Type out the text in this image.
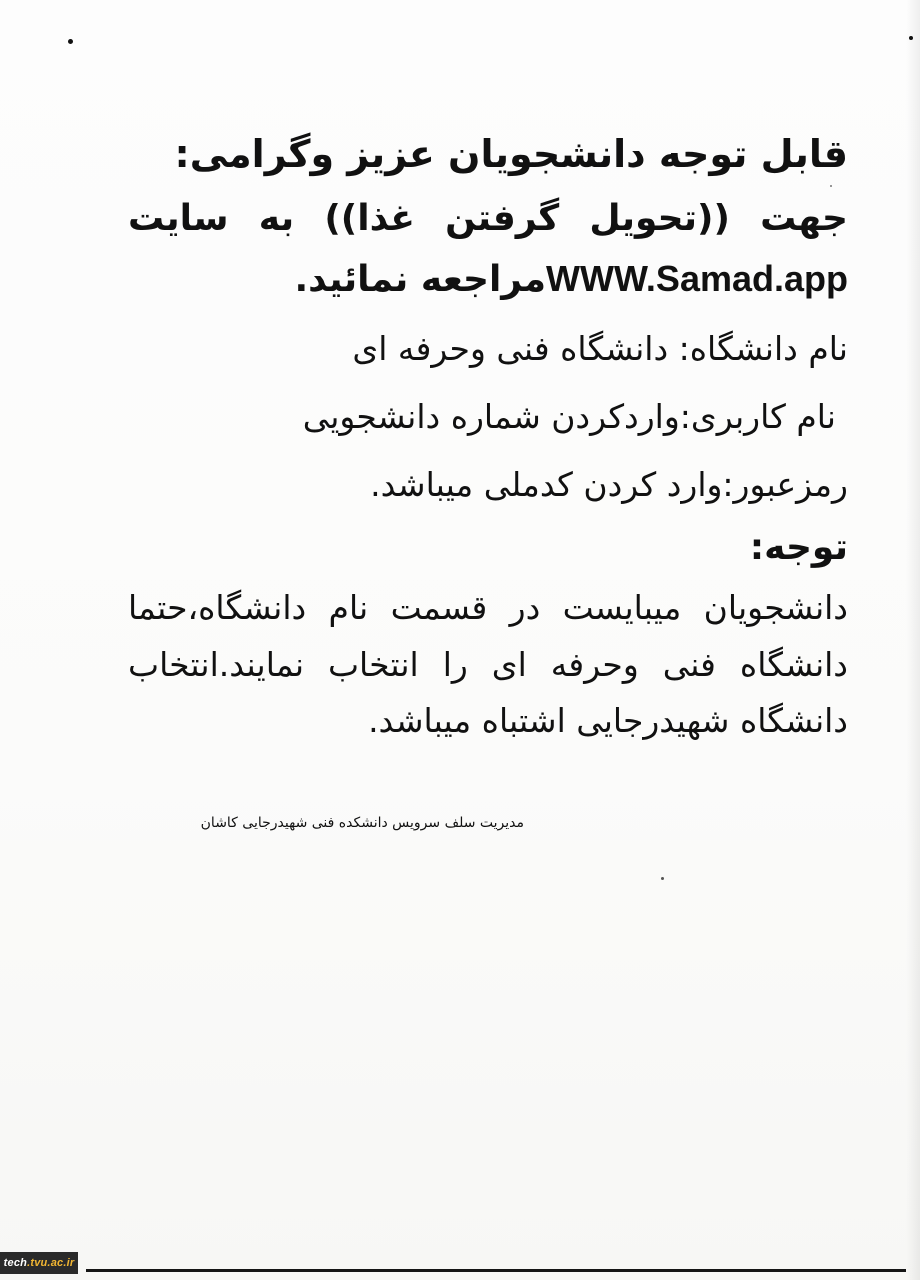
قابل توجه دانشجویان عزیز وگرامی:

جهت ((تحویل گرفتن غذا)) به سایت

WWW.Samad.appمراجعه نمائید.

نام دانشگاه: دانشگاه فنی وحرفه ای

نام کاربری:واردکردن شماره دانشجویی

رمزعبور:وارد کردن کدملی میباشد.

توجه:

دانشجویان میبایست در قسمت نام دانشگاه،حتما

دانشگاه فنی وحرفه ای را انتخاب نمایند.انتخاب

دانشگاه شهیدرجایی اشتباه میباشد.

مدیریت سلف سرویس دانشکده فنی شهیدرجایی کاشان
tech.tvu.ac.ir
